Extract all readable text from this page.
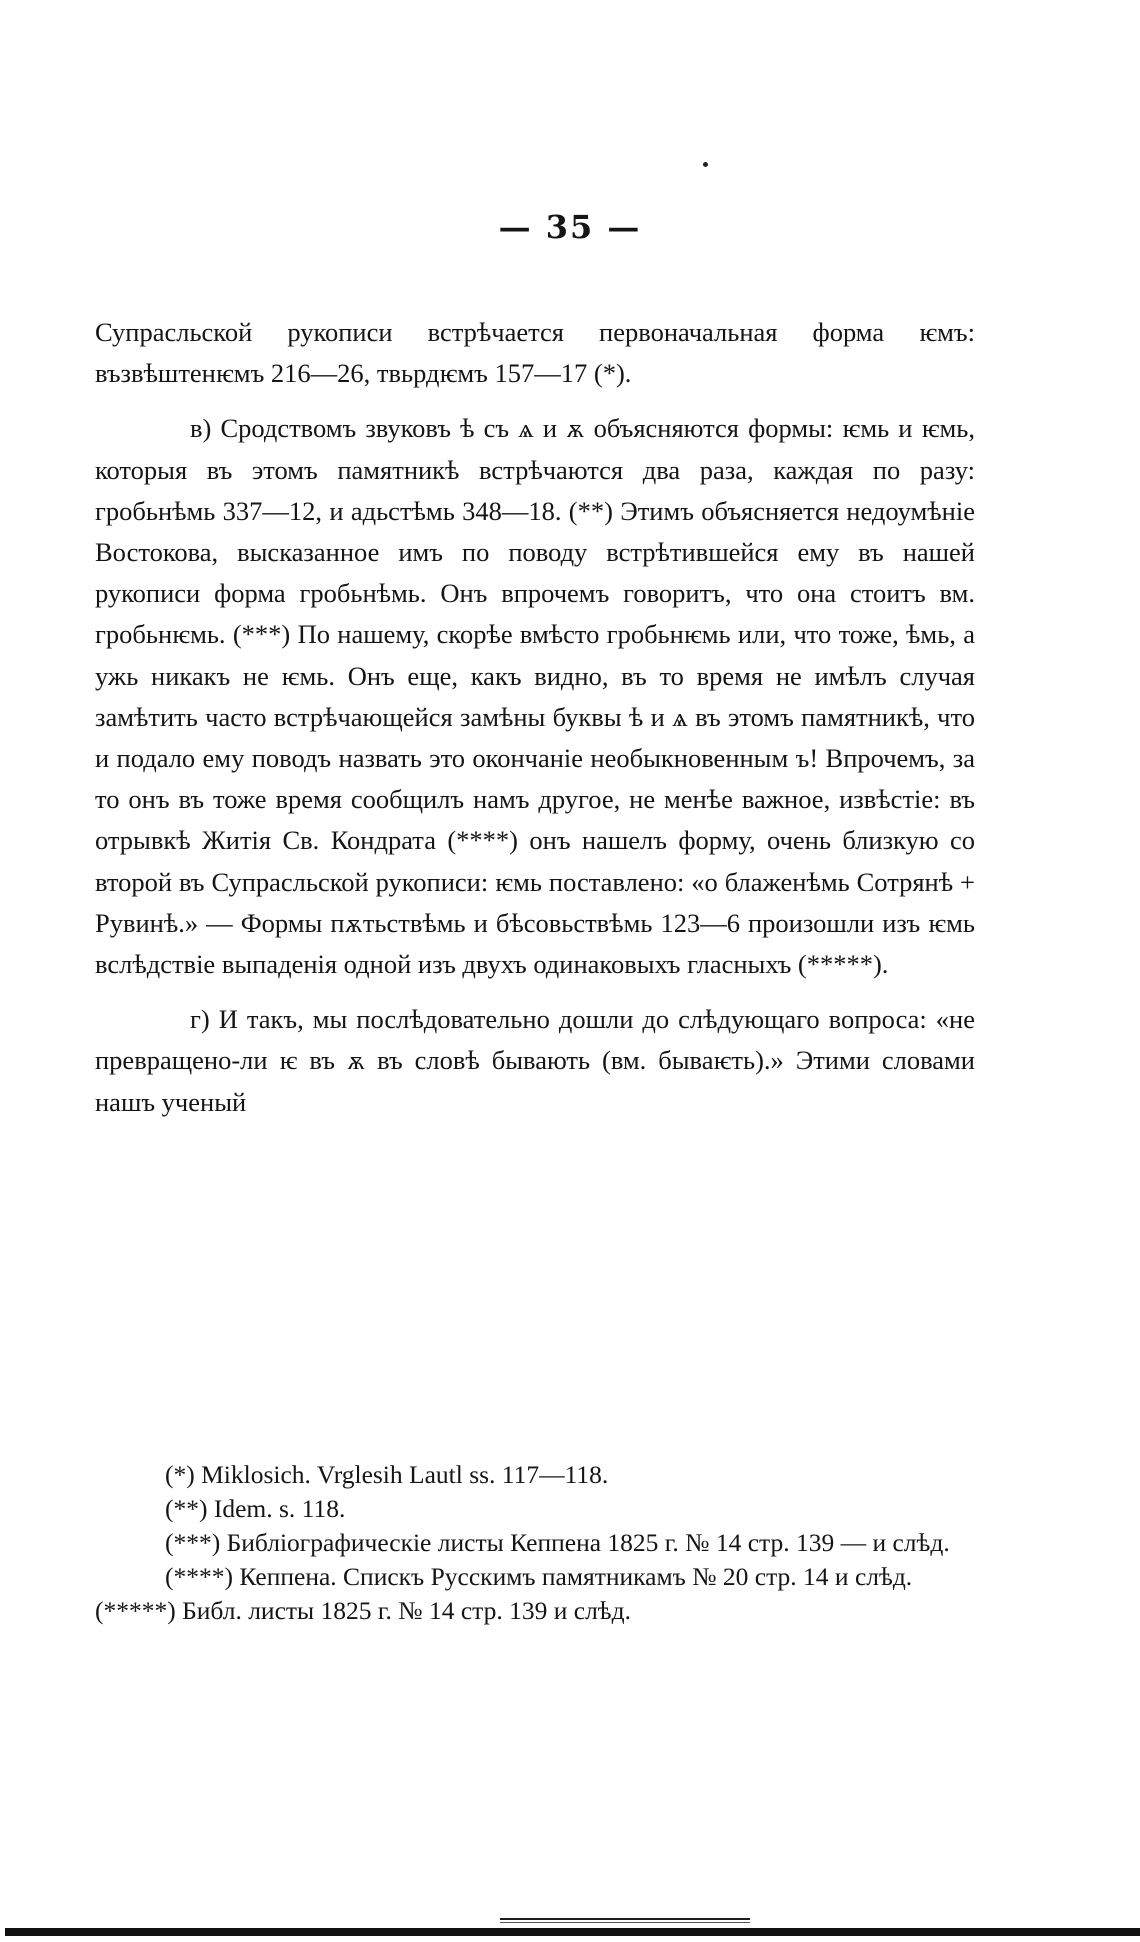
— 35 —

Супрасльской рукописи встрѣчается первоначальная форма ѥмъ: възвѣштенѥмъ 216—26, твьрдѥмъ 157—17 (*).

в) Сродствомъ звуковъ ѣ съ ѧ и ѫ объясняются формы: ѥмь и ѥмь, которыя въ этомъ памятникѣ встрѣчаются два раза, каждая по разу: гробьнѣмь 337—12, и адьстѣмь 348—18. (**) Этимъ объясняется недоумѣніе Востокова, высказанное имъ по поводу встрѣтившейся ему въ нашей рукописи форма гробьнѣмь. Онъ впрочемъ говоритъ, что она стоитъ вм. гробьнѥмь. (***) По нашему, скорѣе вмѣсто гробьнѥмь или, что тоже, ѣмь, а ужь никакъ не ѥмь. Онъ еще, какъ видно, въ то время не имѣлъ случая замѣтить часто встрѣчающейся замѣны буквы ѣ и ѧ въ этомъ памятникѣ, что и подало ему поводъ назвать это окончаніе необыкновенным ъ! Впрочемъ, за то онъ въ тоже время сообщилъ намъ другое, не менѣе важное, извѣстіе: въ отрывкѣ Житія Св. Кондрата (****) онъ нашелъ форму, очень близкую со второй въ Супрасльской рукописи: ѥмь поставлено: «о блаженѣмь Сотрянѣ + Рувинѣ.» — Формы пѫтьствѣмь и бѣсовьствѣмь 123—6 произошли изъ ѥмь вслѣдствіе выпаденія одной изъ двухъ одинаковыхъ гласныхъ (*****).

г) И такъ, мы послѣдовательно дошли до слѣдующаго вопроса: «не превращено-ли ѥ въ ѫ въ словѣ бывають (вм. бываѥть).» Этими словами нашъ ученый

(*) Miklosich. Vrglesih Lautl ss. 117—118.

(**) Idem. s. 118.

(***) Библіографическіе листы Кеппена 1825 г. № 14 стр. 139 — и слѣд.

(****) Кеппена. Спискъ Русскимъ памятникамъ № 20 стр. 14 и слѣд.

(*****) Библ. листы 1825 г. № 14 стр. 139 и слѣд.
